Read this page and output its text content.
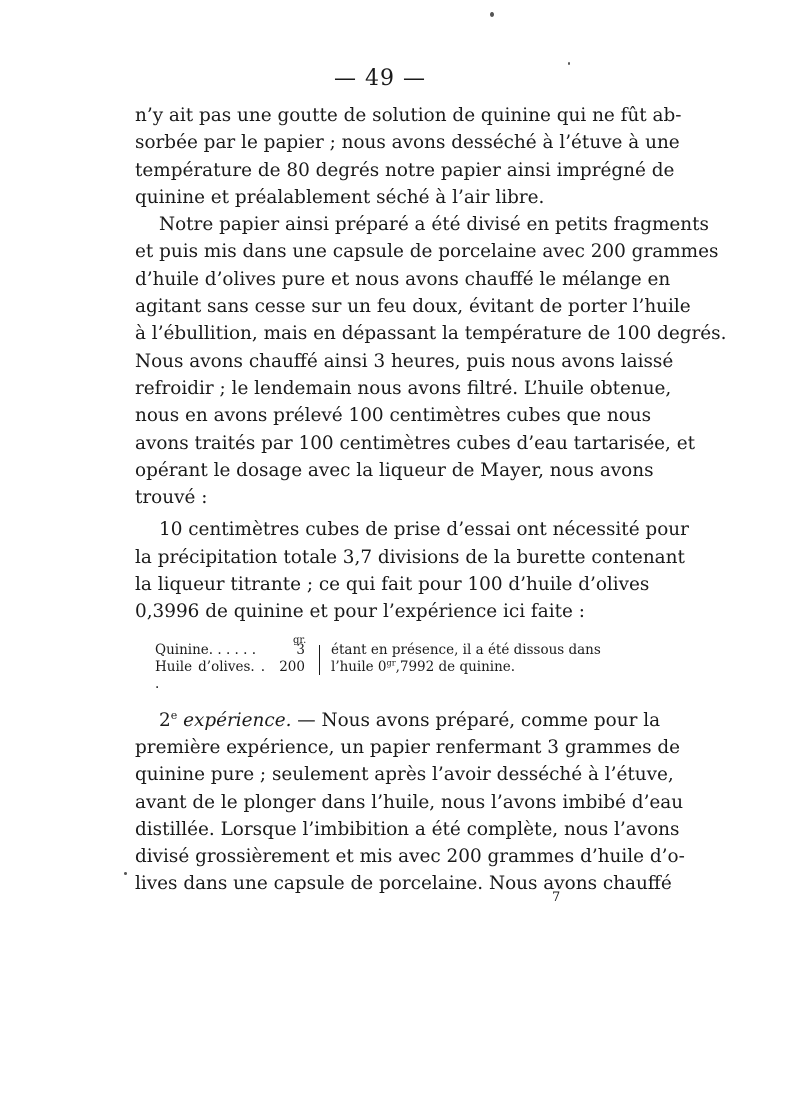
— 49 —
n’y ait pas une goutte de solution de quinine qui ne fût ab-
sorbée par le papier ; nous avons desséché à l’étuve à une
température de 80 degrés notre papier ainsi imprégné de
quinine et préalablement séché à l’air libre.
Notre papier ainsi préparé a été divisé en petits fragments
et puis mis dans une capsule de porcelaine avec 200 grammes
d’huile d’olives pure et nous avons chauffé le mélange en
agitant sans cesse sur un feu doux, évitant de porter l’huile
à l’ébullition, mais en dépassant la température de 100 degrés.
Nous avons chauffé ainsi 3 heures, puis nous avons laissé
refroidir ; le lendemain nous avons filtré. L’huile obtenue,
nous en avons prélevé 100 centimètres cubes que nous
avons traités par 100 centimètres cubes d’eau tartarisée, et
opérant le dosage avec la liqueur de Mayer, nous avons
trouvé :
10 centimètres cubes de prise d’essai ont nécessité pour
la précipitation totale 3,7 divisions de la burette contenant
la liqueur titrante ; ce qui fait pour 100 d’huile d’olives
0,3996 de quinine et pour l’expérience ici faite :
gr.
Quinine. . . . . .	3
Huile d’olives. . .
200
étant en présence, il a été dissous dans
l’huile $0^{gr},7992$ de quinine.
2e expérience. — Nous avons préparé, comme pour la
première expérience, un papier renfermant 3 grammes de
quinine pure ; seulement après l’avoir desséché à l’étuve,
avant de le plonger dans l’huile, nous l’avons imbibé d’eau
distillée. Lorsque l’imbibition a été complète, nous l’avons
divisé grossièrement et mis avec 200 grammes d’huile d’o-
lives dans une capsule de porcelaine. Nous avons chauffé
7
